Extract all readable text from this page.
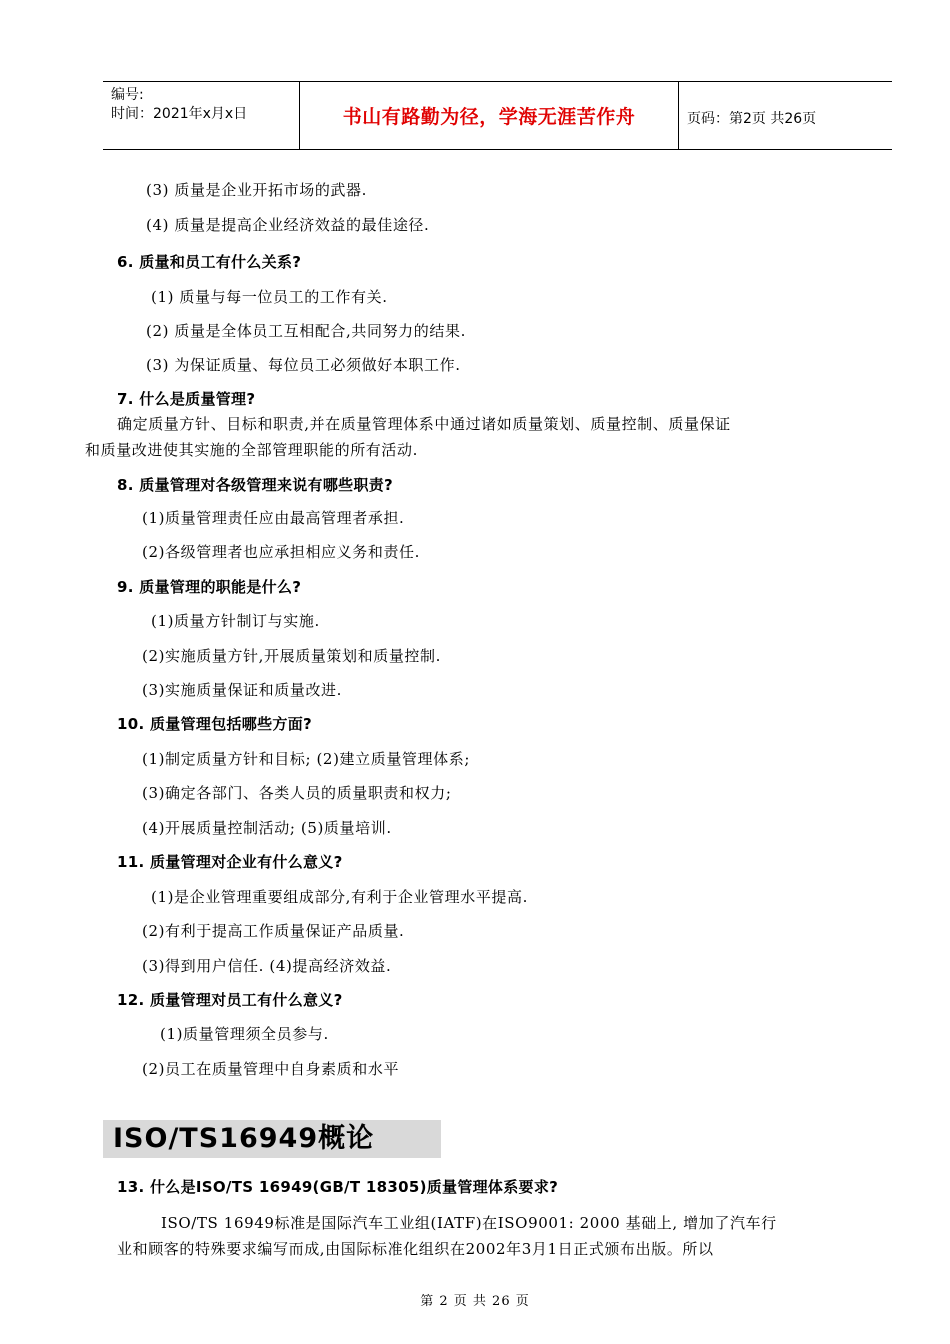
编号:
时间：2021年x月x日	书山有路勤为径，学海无涯苦作舟	页码：第2页 共26页
(3) 质量是企业开拓市场的武器.
(4) 质量是提高企业经济效益的最佳途径.
6. 质量和员工有什么关系?
(1) 质量与每一位员工的工作有关.
(2) 质量是全体员工互相配合,共同努力的结果.
(3) 为保证质量、每位员工必须做好本职工作.
7. 什么是质量管理?
确定质量方针、目标和职责,并在质量管理体系中通过诸如质量策划、质量控制、质量保证
和质量改进使其实施的全部管理职能的所有活动.
8. 质量管理对各级管理来说有哪些职责?
(1)质量管理责任应由最高管理者承担.
(2)各级管理者也应承担相应义务和责任.
9. 质量管理的职能是什么?
(1)质量方针制订与实施.
(2)实施质量方针,开展质量策划和质量控制.
(3)实施质量保证和质量改进.
10. 质量管理包括哪些方面?
(1)制定质量方针和目标; (2)建立质量管理体系;
(3)确定各部门、各类人员的质量职责和权力;
(4)开展质量控制活动; (5)质量培训.
11. 质量管理对企业有什么意义?
(1)是企业管理重要组成部分,有利于企业管理水平提高.
(2)有利于提高工作质量保证产品质量.
(3)得到用户信任. (4)提高经济效益.
12. 质量管理对员工有什么意义?
(1)质量管理须全员参与.
(2)员工在质量管理中自身素质和水平
ISO/TS16949概论
13. 什么是ISO/TS 16949(GB/T 18305)质量管理体系要求?
ISO/TS 16949标准是国际汽车工业组(IATF)在ISO9001: 2000 基础上, 增加了汽车行
业和顾客的特殊要求编写而成,由国际标准化组织在2002年3月1日正式颁布出版。所以
第 2 页 共 26 页
